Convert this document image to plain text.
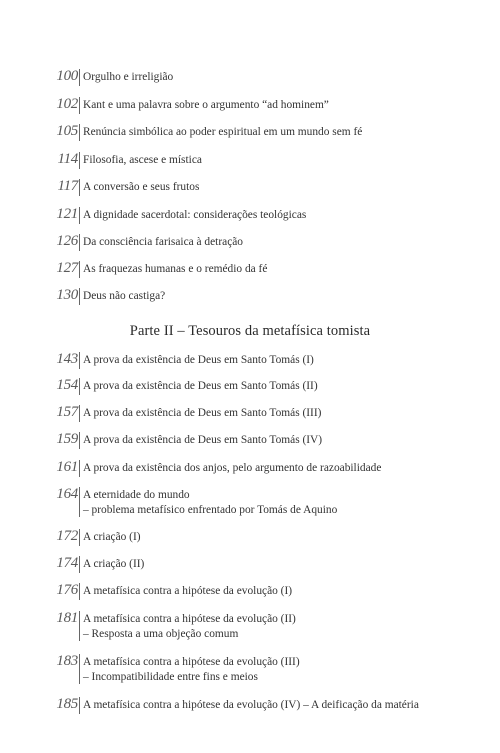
100 Orgulho e irreligião
102 Kant e uma palavra sobre o argumento “ad hominem”
105 Renúncia simbólica ao poder espiritual em um mundo sem fé
114 Filosofia, ascese e mística
117 A conversão e seus frutos
121 A dignidade sacerdotal: considerações teológicas
126 Da consciência farisaica à detração
127 As fraquezas humanas e o remédio da fé
130 Deus não castiga?
Parte II – Tesouros da metafísica tomista
143 A prova da existência de Deus em Santo Tomás (I)
154 A prova da existência de Deus em Santo Tomás (II)
157 A prova da existência de Deus em Santo Tomás (III)
159 A prova da existência de Deus em Santo Tomás (IV)
161 A prova da existência dos anjos, pelo argumento de razoabilidade
164 A eternidade do mundo
– problema metafísico enfrentado por Tomás de Aquino
172 A criação (I)
174 A criação (II)
176 A metafísica contra a hipótese da evolução (I)
181 A metafísica contra a hipótese da evolução (II)
– Resposta a uma objeção comum
183 A metafísica contra a hipótese da evolução (III)
– Incompatibilidade entre fins e meios
185 A metafísica contra a hipótese da evolução (IV) – A deificação da matéria
